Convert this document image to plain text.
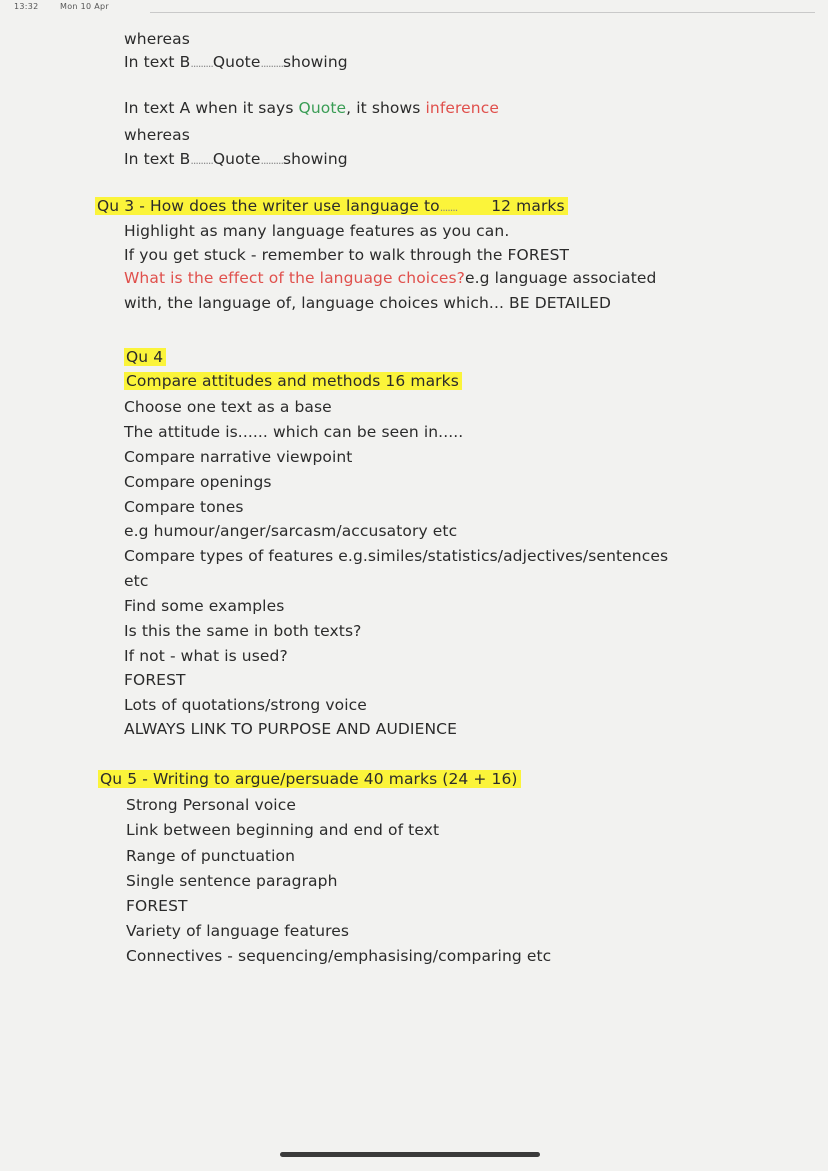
13:32	Mon 10 Apr
whereas
In text B.........Quote.........showing
In text A when it says Quote, it shows inference
whereas
In text B.........Quote.........showing
Qu 3 - How does the writer use language to....... 12 marks
Highlight as many language features as you can.
If you get stuck - remember to walk through the FOREST
What is the effect of the language choices?e.g language associated
with, the language of, language choices which... BE DETAILED
Qu 4
Compare attitudes and methods 16 marks
Choose one text as a base
The attitude is...... which can be seen in.....
Compare narrative viewpoint
Compare openings
Compare tones
e.g humour/anger/sarcasm/accusatory etc
Compare types of features e.g.similes/statistics/adjectives/sentences
etc
Find some examples
Is this the same in both texts?
If not - what is used?
FOREST
Lots of quotations/strong voice
ALWAYS LINK TO PURPOSE AND AUDIENCE
Qu 5 - Writing to argue/persuade 40 marks (24 + 16)
Strong Personal voice
Link between beginning and end of text
Range of punctuation
Single sentence paragraph
FOREST
Variety of language features
Connectives - sequencing/emphasising/comparing etc
